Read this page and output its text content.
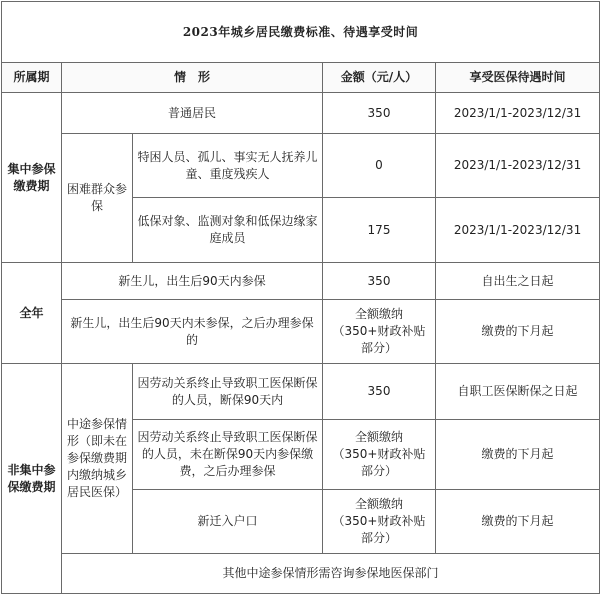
2023年城乡居民缴费标准、待遇享受时间				
所属期	情　形		金额（元/人）	享受医保待遇时间
集中参保缴费期	普通居民		350	2023/1/1-2023/12/31
	困难群众参保	特困人员、孤儿、事实无人抚养儿童、重度残疾人	0	2023/1/1-2023/12/31
		低保对象、监测对象和低保边缘家庭成员	175	2023/1/1-2023/12/31
全年	新生儿，出生后90天内参保		350	自出生之日起
	新生儿，出生后90天内未参保，之后办理参保的		全额缴纳（350+财政补贴部分）	缴费的下月起
非集中参保缴费期	中途参保情形（即未在参保缴费期内缴纳城乡居民医保）	因劳动关系终止导致职工医保断保的人员，断保90天内	350	自职工医保断保之日起
		因劳动关系终止导致职工医保断保的人员，未在断保90天内参保缴费，之后办理参保	全额缴纳（350+财政补贴部分）	缴费的下月起
		新迁入户口	全额缴纳（350+财政补贴部分）	缴费的下月起
	其他中途参保情形需咨询参保地医保部门			
